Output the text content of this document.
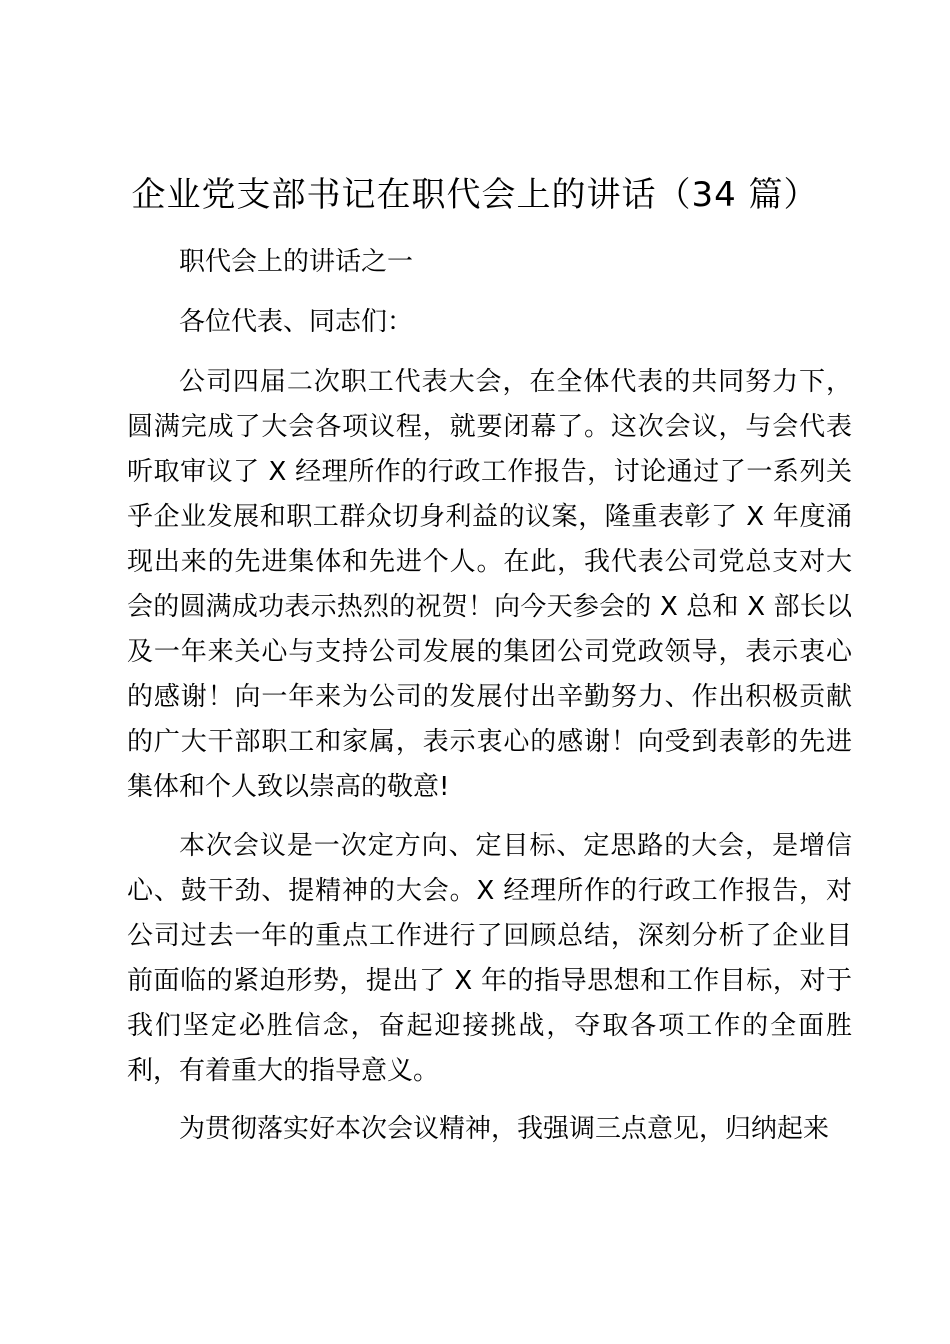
企业党支部书记在职代会上的讲话（34 篇）

职代会上的讲话之一

各位代表、同志们：

公司四届二次职工代表大会，在全体代表的共同努力下，圆满完成了大会各项议程，就要闭幕了。这次会议，与会代表听取审议了 X 经理所作的行政工作报告，讨论通过了一系列关乎企业发展和职工群众切身利益的议案，隆重表彰了 X 年度涌现出来的先进集体和先进个人。在此，我代表公司党总支对大会的圆满成功表示热烈的祝贺！向今天参会的 X 总和 X 部长以及一年来关心与支持公司发展的集团公司党政领导，表示衷心的感谢！向一年来为公司的发展付出辛勤努力、作出积极贡献的广大干部职工和家属，表示衷心的感谢！向受到表彰的先进集体和个人致以崇高的敬意!

本次会议是一次定方向、定目标、定思路的大会，是增信心、鼓干劲、提精神的大会。X 经理所作的行政工作报告，对公司过去一年的重点工作进行了回顾总结，深刻分析了企业目前面临的紧迫形势，提出了 X 年的指导思想和工作目标，对于我们坚定必胜信念，奋起迎接挑战，夺取各项工作的全面胜利，有着重大的指导意义。

为贯彻落实好本次会议精神，我强调三点意见，归纳起来
